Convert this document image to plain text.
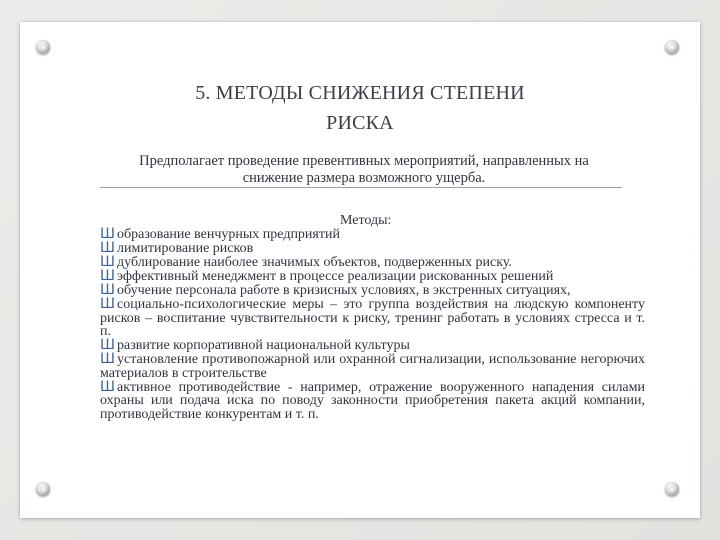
5. МЕТОДЫ СНИЖЕНИЯ СТЕПЕНИ
РИСКА
Предполагает проведение превентивных мероприятий, направленных на
снижение размера возможного ущерба.
Методы:
Ш образование венчурных предприятий
Ш лимитирование рисков
Ш дублирование наиболее значимых объектов, подверженных риску.
Ш эффективный менеджмент в процессе реализации рискованных решений
Ш обучение персонала работе в кризисных условиях, в экстренных ситуациях,
Ш социально-психологические меры – это группа воздействия на людскую компоненту рисков – воспитание чувствительности к риску, тренинг работать в условиях стресса и т. п.
Ш развитие корпоративной национальной культуры
Ш установление противопожарной или охранной сигнализации, использование негорючих материалов в строительстве
Ш активное противодействие - например, отражение вооруженного нападения силами охраны или подача иска по поводу законности приобретения пакета акций компании, противодействие конкурентам и т. п.
